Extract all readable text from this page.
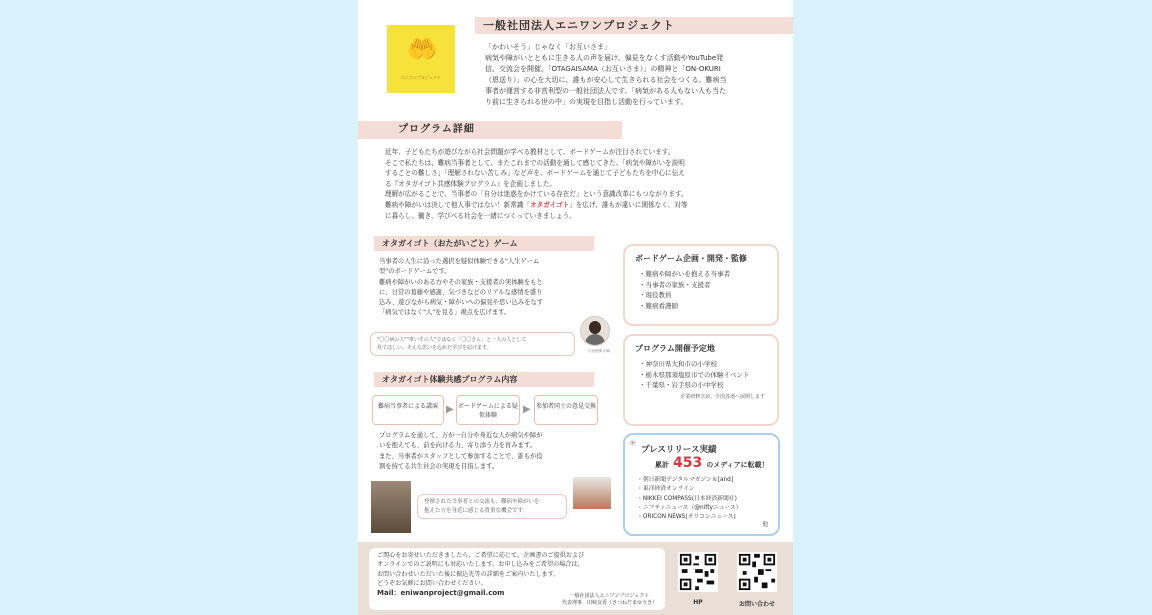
🤲
エニワンプロジェクト
一般社団法人エニワンプロジェクト
「かわいそう」じゃなく「お互いさま」
病気や障がいとともに生きる人の声を届け、偏見をなくす活動やYouTube発
信、交流会を開催。「OTAGAISAMA（お互いさま）」の精神と「ON-OKURI
（恩送り）」の心を大切に、誰もが安心して生きられる社会をつくる。難病当
事者が運営する非営利型の一般社団法人です。「病気がある人もない人も当た
り前に生きられる世の中」の実現を目指し活動を行っています。
プログラム詳細
近年、子どもたちが遊びながら社会問題が学べる教材として、ボードゲームが注目されています。
そこで私たちは、難病当事者として、またこれまでの活動を通して感じてきた、「病気や障がいを説明
することの難しさ」「理解されない苦しみ」など声を、ボードゲームを通じて子どもたちを中心に伝え
る『オタガイゴト共感体験プログラム』を企画しました。
理解が広がることで、当事者の「自分は迷惑をかけている存在だ」という意識改革にもつながります。
難病や障がいは決して他人事ではない！新常識「オタガイゴト」を広げ、誰もが違いに関係なく、対等
に暮らし、働き、学びべる社会を一緒につくっていきましょう。
オタガイゴト（おたがいごと）ゲーム
当事者の人生に沿った選択を疑似体験できる"人生ゲーム
型"のボードゲームです。
難病や障がいのある方やその家族・支援者の実体験をもと
に、日常の葛藤や感謝、気づきなどのリアルな感情を盛り
込み、遊びながら病気・障がいへの偏見や思い込みをなす
「病気ではなく"人"を見る」視点を広げます。
"〇〇病の人""車いすの人"ではなく「〇〇さん」と一人の人として
見てほしい。そんな思いを込めた学びを届けます。	代表理事 田﨑
オタガイゴト体験共感プログラム内容
難病当事者による講演 ▶ ボードゲームによる疑似体験
▶ 参加者同士の意見交換
プログラムを通して、万が一自分や身近な人が病気や障が
いを抱えても、前を向ける力、寄り添う力を育みます。
また、当事者がスタッフとして参加することで、誰もが役
割を持てる共生社会の実現を目指します。
登壇された当事者との交流も、難病や障がいを
抱えた方を身近に感じる貴重な機会です。
ボードゲーム企画・開発・監修
・ 難病や障がいを抱える当事者
・ 当事者の家族・支援者
・ 現役教員
・ 難病看護師
プログラム開催予定地
・ 神奈川県大和市の小学校
・ 栃木県那須塩原市での体験イベント
・ 千葉県・岩手県の小中学校
企業研修含め、全国各地へ展開します
✳
プレスリリース実績
累計 453 のメディアに転載！
・ 朝日新聞デジタルマガジン＆[and]
・ 東洋経済オンライン
・ NIKKEI COMPASS(日本経済新聞社)
・ ニフティニュース（@niftyニュース）
・ ORICON NEWS(オリコンニュース)
他
ご関心をお寄せいただきましたら、ご希望に応じて、企画書のご提供および
オンラインでのご説明にも対応いたします。お申し込みをご希望の場合は、
お問い合わせいただいた後に振込先等の詳細をご案内いたします。
どうぞお気軽にお問い合わせください。
Mail：eniwanproject@gmail.com	一般社団法人エニワンプロジェクト
代表理事　田﨑友香（さつねだまゆうき）	HP	お問い合わせ
